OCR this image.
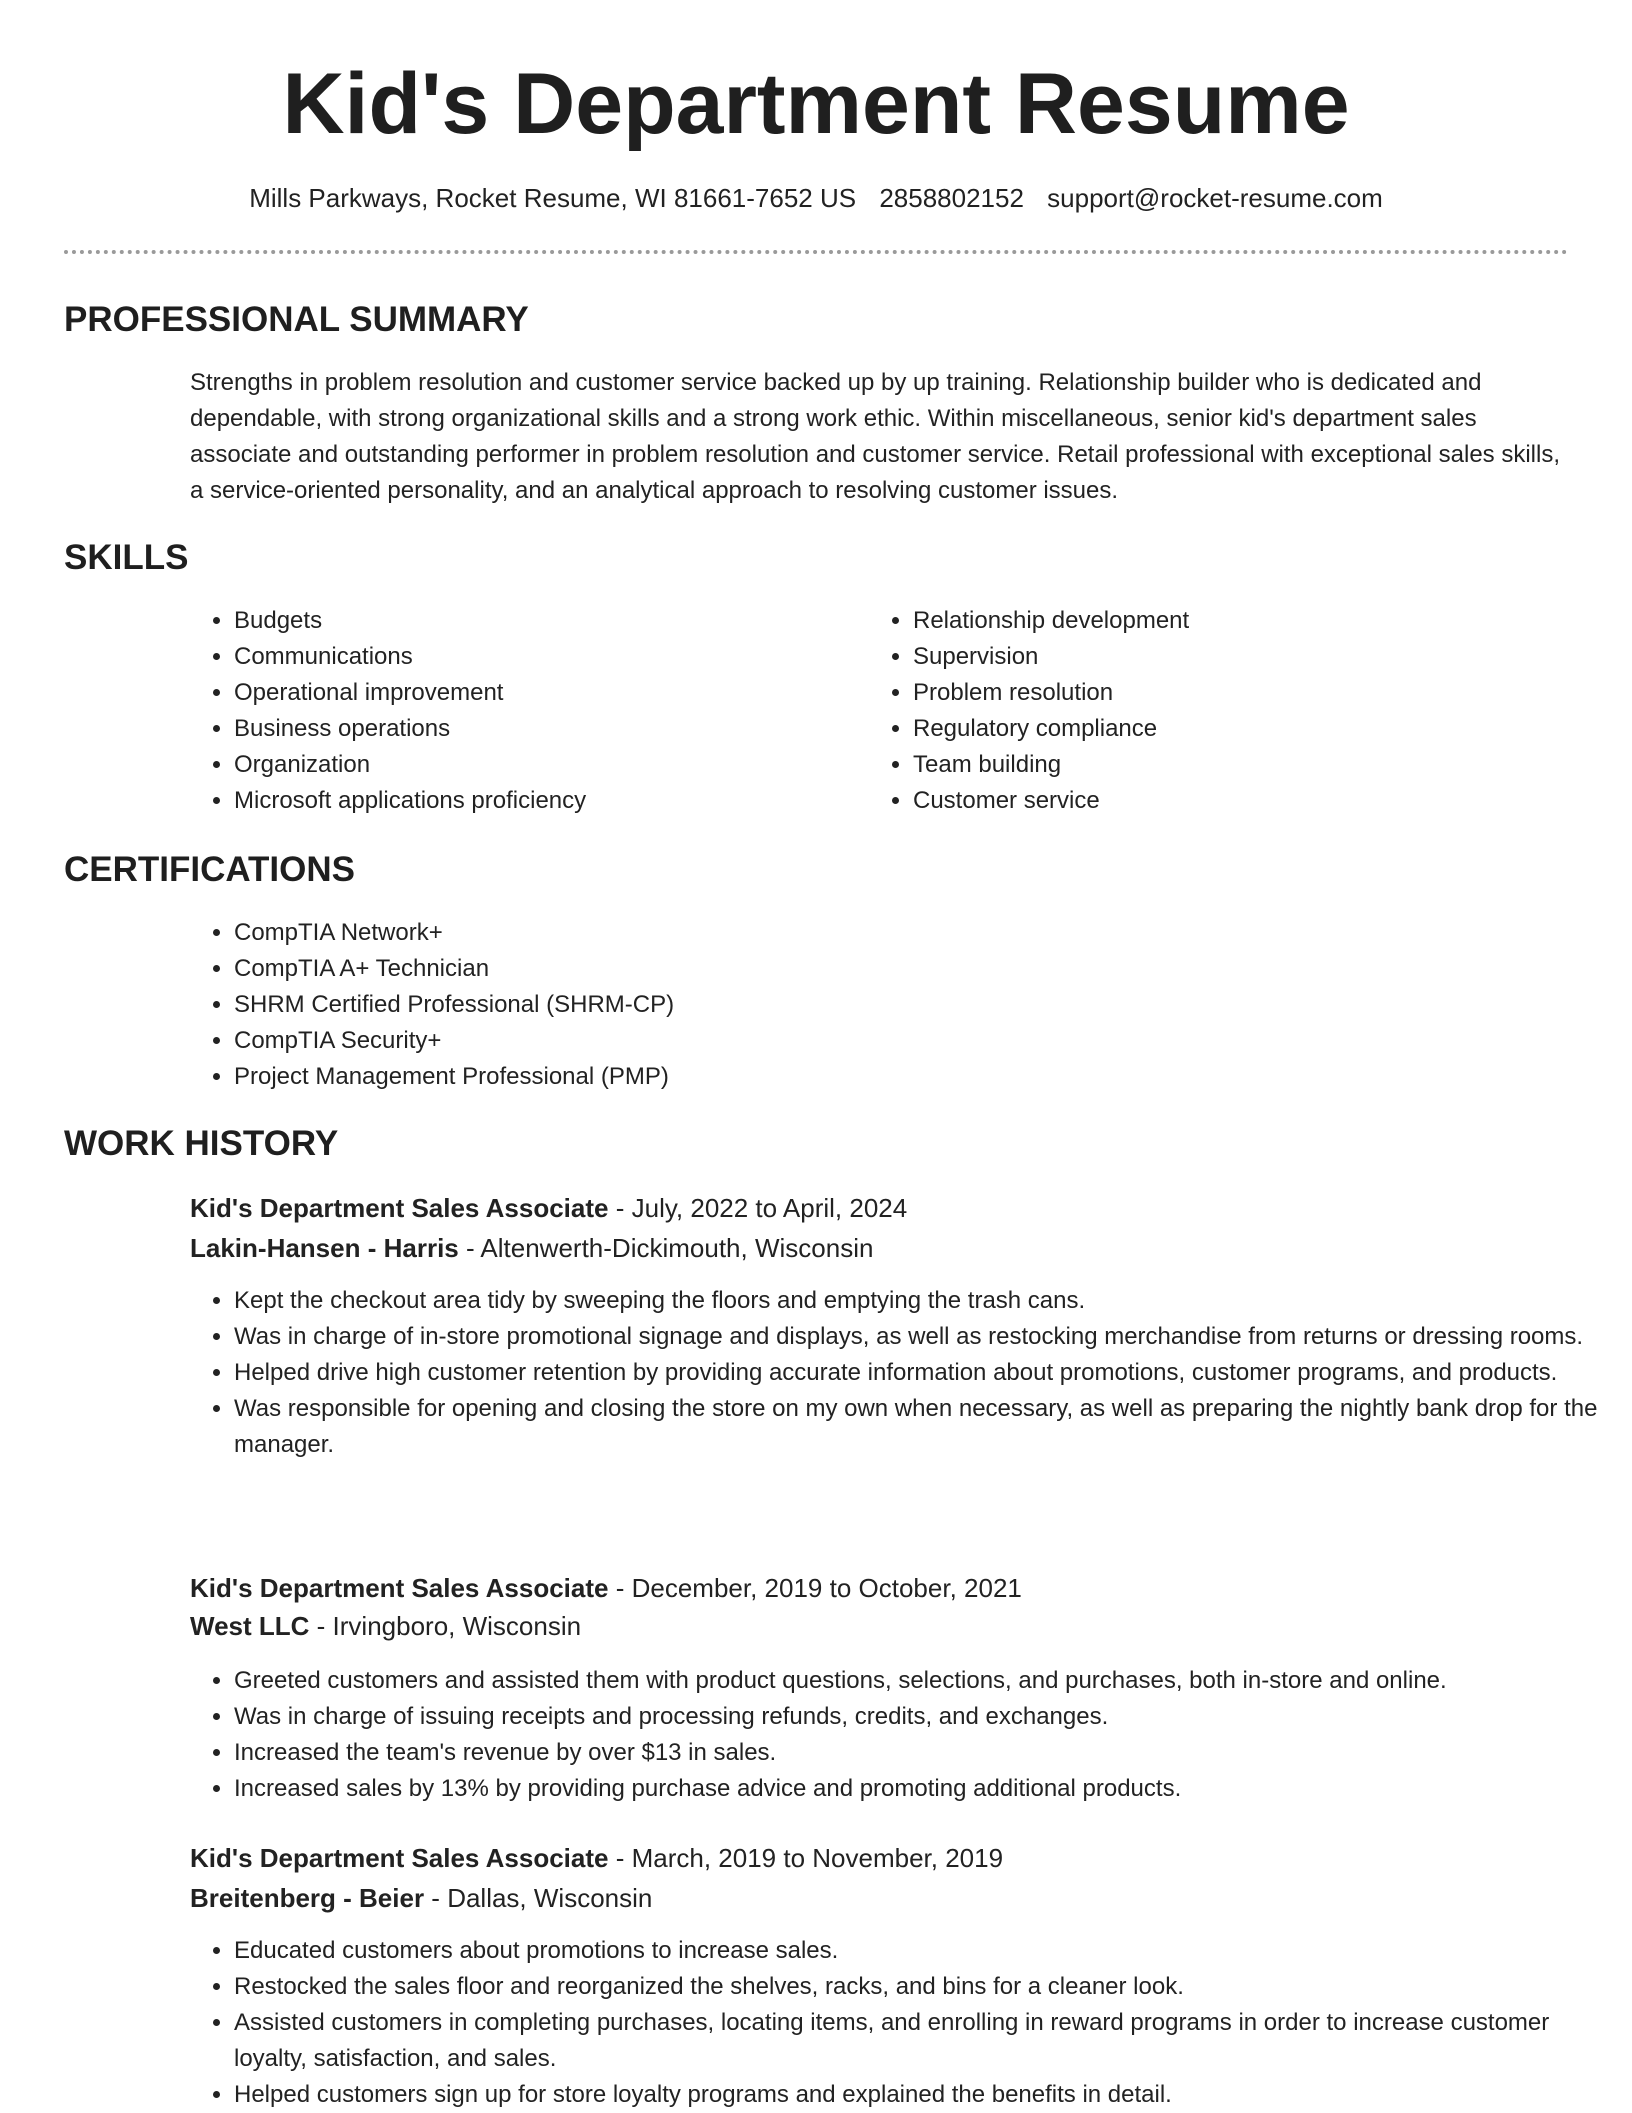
Kid's Department Resume
Mills Parkways, Rocket Resume, WI 81661-7652 US 2858802152 support@rocket-resume.com
PROFESSIONAL SUMMARY

Strengths in problem resolution and customer service backed up by up training. Relationship builder who is dedicated and dependable, with strong organizational skills and a strong work ethic. Within miscellaneous, senior kid's department sales associate and outstanding performer in problem resolution and customer service. Retail professional with exceptional sales skills, a service-oriented personality, and an analytical approach to resolving customer issues.

SKILLS
• Budgets
• Communications
• Operational improvement
• Business operations
• Organization
• Microsoft applications proficiency
• Relationship development
• Supervision
• Problem resolution
• Regulatory compliance
• Team building
• Customer service
CERTIFICATIONS
• CompTIA Network+
• CompTIA A+ Technician
• SHRM Certified Professional (SHRM-CP)
• CompTIA Security+
• Project Management Professional (PMP)
WORK HISTORY
Kid's Department Sales Associate - July, 2022 to April, 2024
Lakin-Hansen - Harris - Altenwerth-Dickimouth, Wisconsin
• Kept the checkout area tidy by sweeping the floors and emptying the trash cans.
• Was in charge of in-store promotional signage and displays, as well as restocking merchandise from returns or dressing rooms.
• Helped drive high customer retention by providing accurate information about promotions, customer programs, and products.
• Was responsible for opening and closing the store on my own when necessary, as well as preparing the nightly bank drop for the manager.
Kid's Department Sales Associate - December, 2019 to October, 2021
West LLC - Irvingboro, Wisconsin
• Greeted customers and assisted them with product questions, selections, and purchases, both in-store and online.
• Was in charge of issuing receipts and processing refunds, credits, and exchanges.
• Increased the team's revenue by over $13 in sales.
• Increased sales by 13% by providing purchase advice and promoting additional products.
Kid's Department Sales Associate - March, 2019 to November, 2019
Breitenberg - Beier - Dallas, Wisconsin
• Educated customers about promotions to increase sales.
• Restocked the sales floor and reorganized the shelves, racks, and bins for a cleaner look.
• Assisted customers in completing purchases, locating items, and enrolling in reward programs in order to increase customer loyalty, satisfaction, and sales.
• Helped customers sign up for store loyalty programs and explained the benefits in detail.
